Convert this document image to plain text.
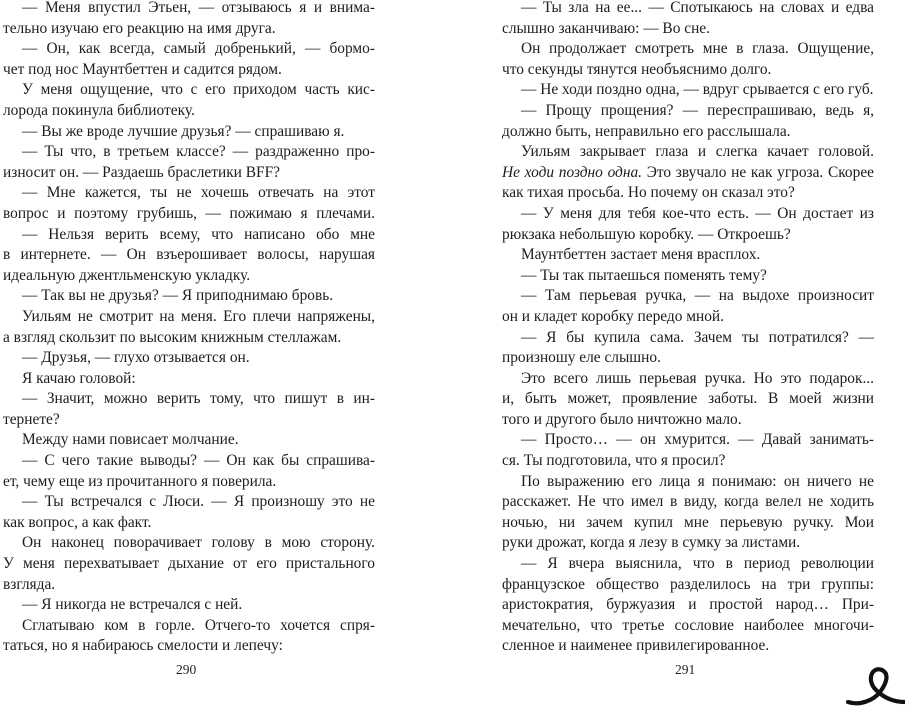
— Меня впустил Этьен, — отзываюсь я и внима-
тельно изучаю его реакцию на имя друга.
— Он, как всегда, самый добренький, — бормо-
чет под нос Маунтбеттен и садится рядом.
У меня ощущение, что с его приходом часть кис-
лорода покинула библиотеку.
— Вы же вроде лучшие друзья? — спрашиваю я.
— Ты что, в третьем классе? — раздраженно про-
износит он. — Раздаешь браслетики BFF?
— Мне кажется, ты не хочешь отвечать на этот
вопрос и поэтому грубишь, — пожимаю я плечами.
— Нельзя верить всему, что написано обо мне
в интернете. — Он взъерошивает волосы, нарушая
идеальную джентльменскую укладку.
— Так вы не друзья? — Я приподнимаю бровь.
Уильям не смотрит на меня. Его плечи напряжены,
а взгляд скользит по высоким книжным стеллажам.
— Друзья, — глухо отзывается он.
Я качаю головой:
— Значит, можно верить тому, что пишут в ин-
тернете?
Между нами повисает молчание.
— С чего такие выводы? — Он как бы спрашива-
ет, чему еще из прочитанного я поверила.
— Ты встречался с Люси. — Я произношу это не
как вопрос, а как факт.
Он наконец поворачивает голову в мою сторону.
У меня перехватывает дыхание от его пристального
взгляда.
— Я никогда не встречался с ней.
Сглатываю ком в горле. Отчего-то хочется спря-
таться, но я набираюсь смелости и лепечу:
— Ты зла на ее... — Спотыкаюсь на словах и едва
слышно заканчиваю: — Во сне.
Он продолжает смотреть мне в глаза. Ощущение,
что секунды тянутся необъяснимо долго.
— Не ходи поздно одна, — вдруг срывается с его губ.
— Прощу прощения? — переспрашиваю, ведь я,
должно быть, неправильно его расслышала.
Уильям закрывает глаза и слегка качает головой.
Не ходи поздно одна. Это звучало не как угроза. Скорее
как тихая просьба. Но почему он сказал это?
— У меня для тебя кое-что есть. — Он достает из
рюкзака небольшую коробку. — Откроешь?
Маунтбеттен застает меня врасплох.
— Ты так пытаешься поменять тему?
— Там перьевая ручка, — на выдохе произносит
он и кладет коробку передо мной.
— Я бы купила сама. Зачем ты потратился? —
произношу еле слышно.
Это всего лишь перьевая ручка. Но это подарок...
и, быть может, проявление заботы. В моей жизни
того и другого было ничтожно мало.
— Просто… — он хмурится. — Давай занимать-
ся. Ты подготовила, что я просил?
По выражению его лица я понимаю: он ничего не
расскажет. Не что имел в виду, когда велел не ходить
ночью, ни зачем купил мне перьевую ручку. Мои
руки дрожат, когда я лезу в сумку за листами.
— Я вчера выяснила, что в период революции
французское общество разделилось на три группы:
аристократия, буржуазия и простой народ… При-
мечательно, что третье сословие наиболее многочи-
сленное и наименее привилегированное.
290	291
